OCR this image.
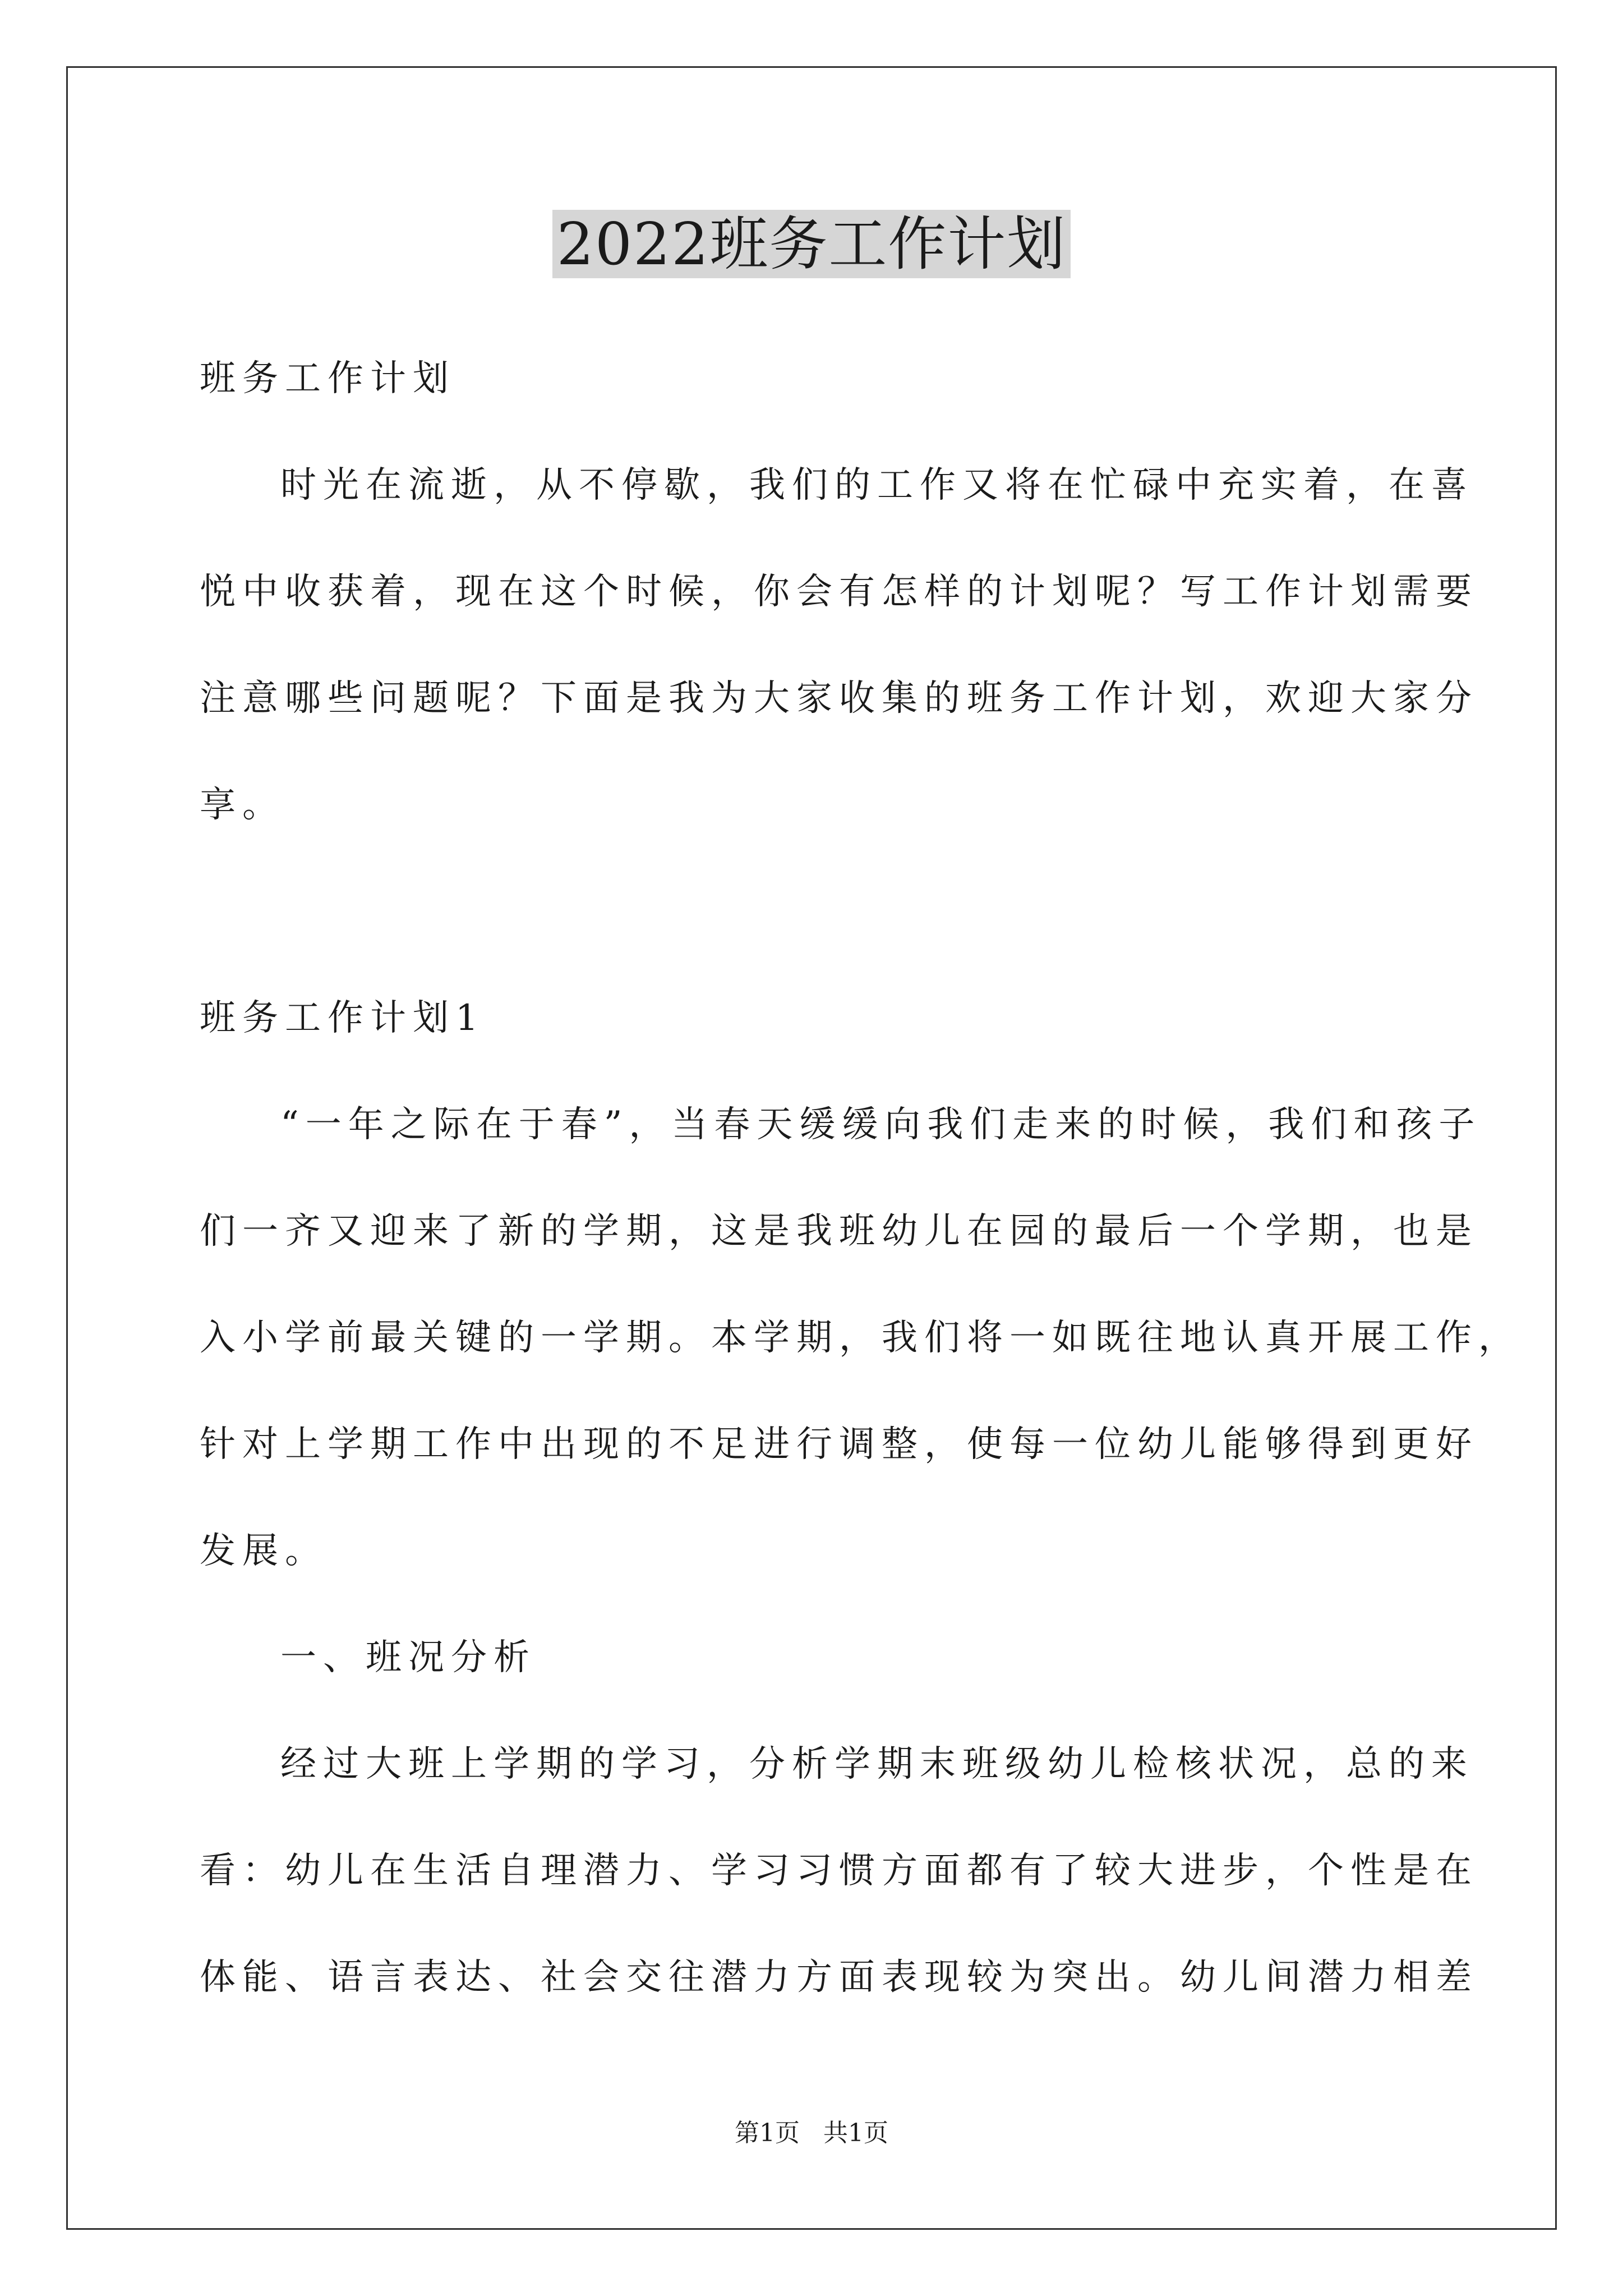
2022班务工作计划
班务工作计划
时光在流逝，从不停歇，我们的工作又将在忙碌中充实着，在喜
悦中收获着，现在这个时候，你会有怎样的计划呢？写工作计划需要
注意哪些问题呢？下面是我为大家收集的班务工作计划，欢迎大家分
享。
班务工作计划1
“一年之际在于春”，当春天缓缓向我们走来的时候，我们和孩子
们一齐又迎来了新的学期，这是我班幼儿在园的最后一个学期，也是
入小学前最关键的一学期。本学期，我们将一如既往地认真开展工作，
针对上学期工作中出现的不足进行调整，使每一位幼儿能够得到更好
发展。
一、班况分析
经过大班上学期的学习，分析学期末班级幼儿检核状况，总的来
看：幼儿在生活自理潜力、学习习惯方面都有了较大进步，个性是在
体能、语言表达、社会交往潜力方面表现较为突出。幼儿间潜力相差
第1页 共1页
